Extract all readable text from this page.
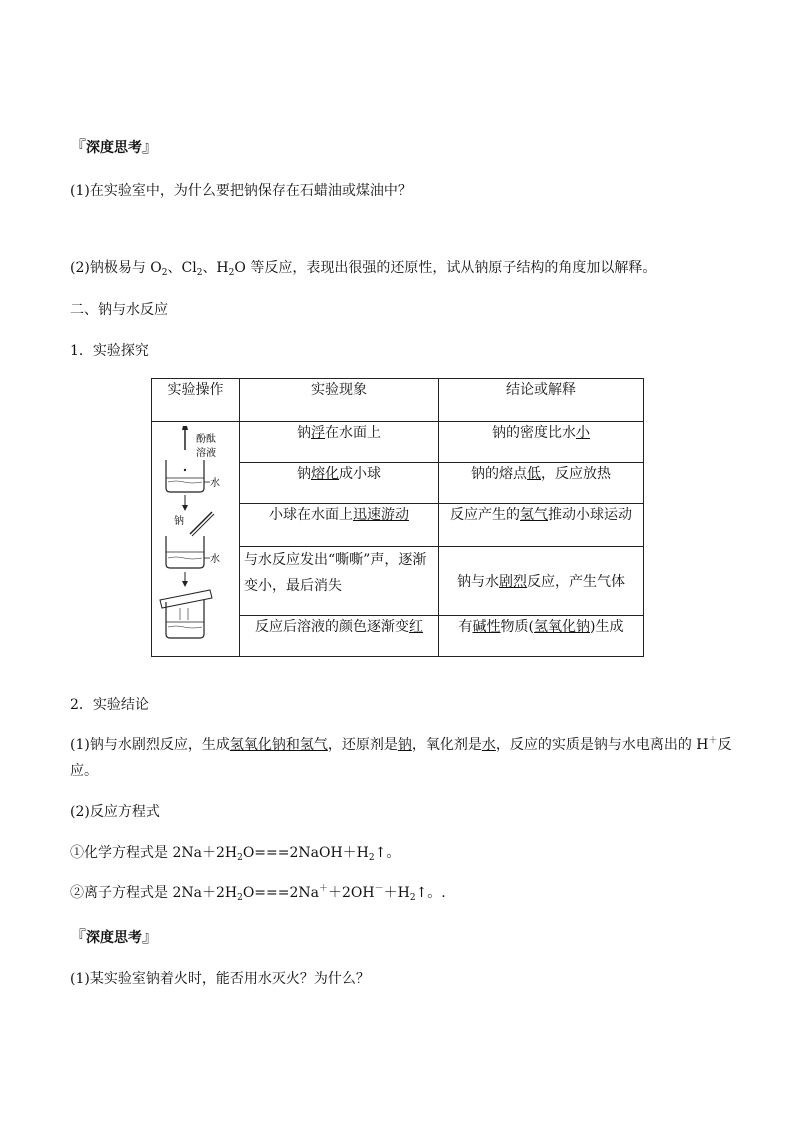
『深度思考』
(1)在实验室中，为什么要把钠保存在石蜡油或煤油中？
(2)钠极易与 $O_2$、$Cl_2$、$H_2O$ 等反应，表现出很强的还原性，试从钠原子结构的角度加以解释。
二、钠与水反应
1．实验探究
实验操作	实验现象	结论或解释

酚酞
溶液
水
钠
水	钠浮在水面上	钠的密度比水小
	钠熔化成小球	钠的熔点低，反应放热
	小球在水面上迅速游动	反应产生的氢气推动小球运动
	与水反应发出“嘶嘶”声，逐渐变小，最后消失	钠与水剧烈反应，产生气体
	反应后溶液的颜色逐渐变红	有碱性物质(氢氧化钠)生成
2．实验结论
(1)钠与水剧烈反应，生成氢氧化钠和氢气，还原剂是钠，氧化剂是水，反应的实质是钠与水电离出的 H＋反
应。
(2)反应方程式
①化学方程式是 $2Na+2H_2O===2NaOH+H_2↑$。
②离子方程式是 $2Na+2H_2O===2Na^++2OH^-+H_2↑$。.
『深度思考』
(1)某实验室钠着火时，能否用水灭火？为什么？
